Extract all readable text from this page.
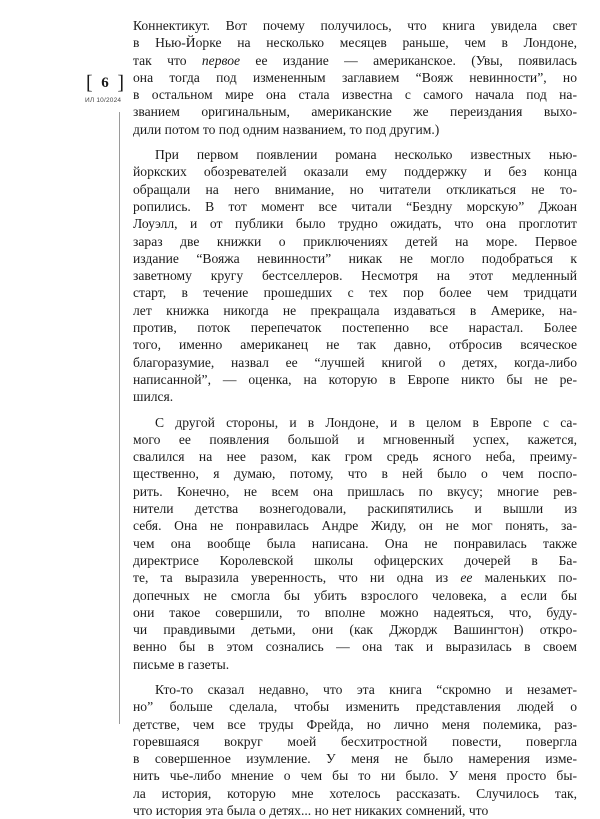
[ 6 ]
ИЛ 10/2024

Коннектикут. Вот почему получилось, что книга увидела свет
в Нью-Йорке на несколько месяцев раньше, чем в Лондоне,
так что первое ее издание — американское. (Увы, появилась
она тогда под измененным заглавием “Вояж невинности”, но
в остальном мире она стала известна с самого начала под на-
званием оригинальным, американские же переиздания выхо-
дили потом то под одним названием, то под другим.)

При первом появлении романа несколько известных нью-
йоркских обозревателей оказали ему поддержку и без конца
обращали на него внимание, но читатели откликаться не то-
ропились. В тот момент все читали “Бездну морскую” Джоан
Лоуэлл, и от публики было трудно ожидать, что она проглотит
зараз две книжки о приключениях детей на море. Первое
издание “Вояжа невинности” никак не могло подобраться к
заветному кругу бестселлеров. Несмотря на этот медленный
старт, в течение прошедших с тех пор более чем тридцати
лет книжка никогда не прекращала издаваться в Америке, на-
против, поток перепечаток постепенно все нарастал. Более
того, именно американец не так давно, отбросив всяческое
благоразумие, назвал ее “лучшей книгой о детях, когда-либо
написанной”, — оценка, на которую в Европе никто бы не ре-
шился.

С другой стороны, и в Лондоне, и в целом в Европе с са-
мого ее появления большой и мгновенный успех, кажется,
свалился на нее разом, как гром средь ясного неба, преиму-
щественно, я думаю, потому, что в ней было о чем поспо-
рить. Конечно, не всем она пришлась по вкусу; многие рев-
нители детства вознегодовали, раскипятились и вышли из
себя. Она не понравилась Андре Жиду, он не мог понять, за-
чем она вообще была написана. Она не понравилась также
директрисе Королевской школы офицерских дочерей в Ба-
те, та выразила уверенность, что ни одна из ее маленьких по-
допечных не смогла бы убить взрослого человека, а если бы
они такое совершили, то вполне можно надеяться, что, буду-
чи правдивыми детьми, они (как Джордж Вашингтон) откро-
венно бы в этом сознались — она так и выразилась в своем
письме в газеты.

Кто-то сказал недавно, что эта книга “скромно и незамет-
но” больше сделала, чтобы изменить представления людей о
детстве, чем все труды Фрейда, но лично меня полемика, раз-
горевшаяся вокруг моей бесхитростной повести, повергла
в совершенное изумление. У меня не было намерения изме-
нить чье-либо мнение о чем бы то ни было. У меня просто бы-
ла история, которую мне хотелось рассказать. Случилось так,
что история эта была о детях... но нет никаких сомнений, что
